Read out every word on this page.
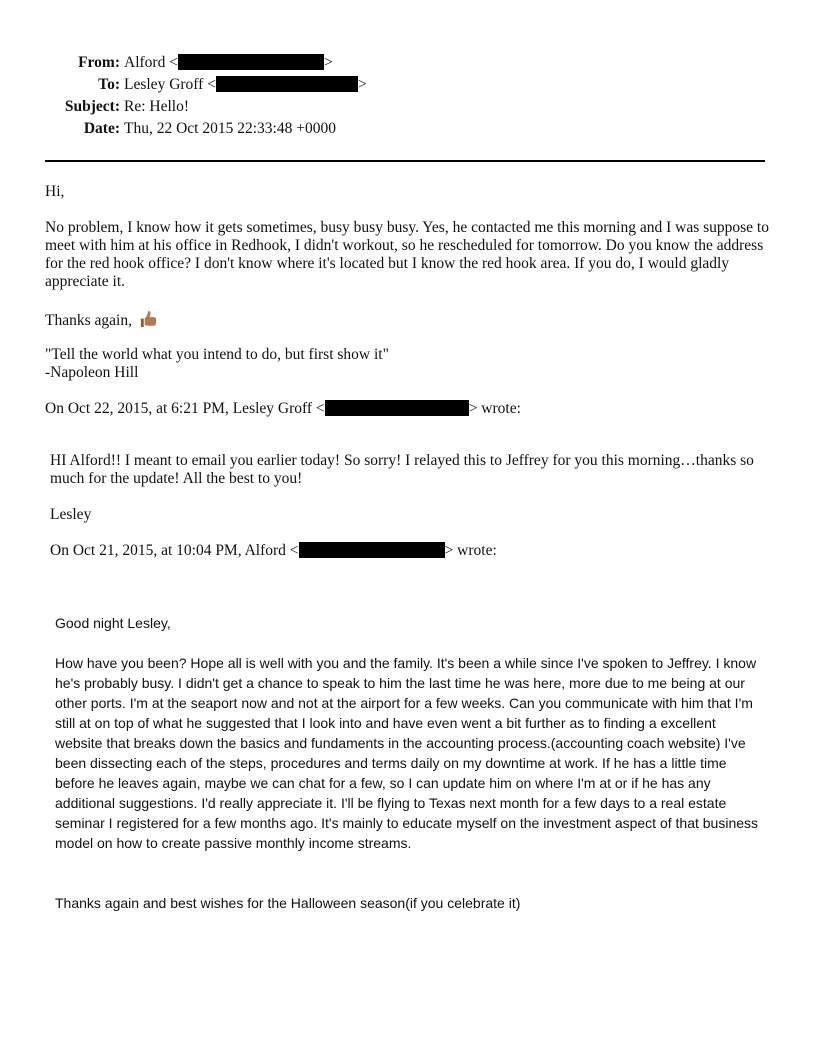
From: Alford <	>
To: Lesley Groff <	>
Subject: Re: Hello!
Date: Thu, 22 Oct 2015 22:33:48 +0000

Hi,

No problem, I know how it gets sometimes, busy busy busy. Yes, he contacted me this morning and I was suppose to meet with him at his office in Redhook, I didn't workout, so he rescheduled for tomorrow. Do you know the address for the red hook office? I don't know where it's located but I know the red hook area. If you do, I would gladly appreciate it.

Thanks again,

"Tell the world what you intend to do, but first show it"

-Napoleon Hill

On Oct 22, 2015, at 6:21 PM, Lesley Groff <	> wrote:

HI Alford!! I meant to email you earlier today! So sorry! I relayed this to Jeffrey for you this morning…thanks so much for the update! All the best to you!

Lesley

On Oct 21, 2015, at 10:04 PM, Alford <	> wrote:

Good night Lesley,

How have you been? Hope all is well with you and the family. It's been a while since I've spoken to Jeffrey. I know he's probably busy. I didn't get a chance to speak to him the last time he was here, more due to me being at our other ports. I'm at the seaport now and not at the airport for a few weeks. Can you communicate with him that I'm still at on top of what he suggested that I look into and have even went a bit further as to finding a excellent website that breaks down the basics and fundaments in the accounting process.(accounting coach website) I've been dissecting each of the steps, procedures and terms daily on my downtime at work. If he has a little time before he leaves again, maybe we can chat for a few, so I can update him on where I'm at or if he has any additional suggestions. I'd really appreciate it. I'll be flying to Texas next month for a few days to a real estate seminar I registered for a few months ago. It's mainly to educate myself on the investment aspect of that business model on how to create passive monthly income streams.

Thanks again and best wishes for the Halloween season(if you celebrate it)
